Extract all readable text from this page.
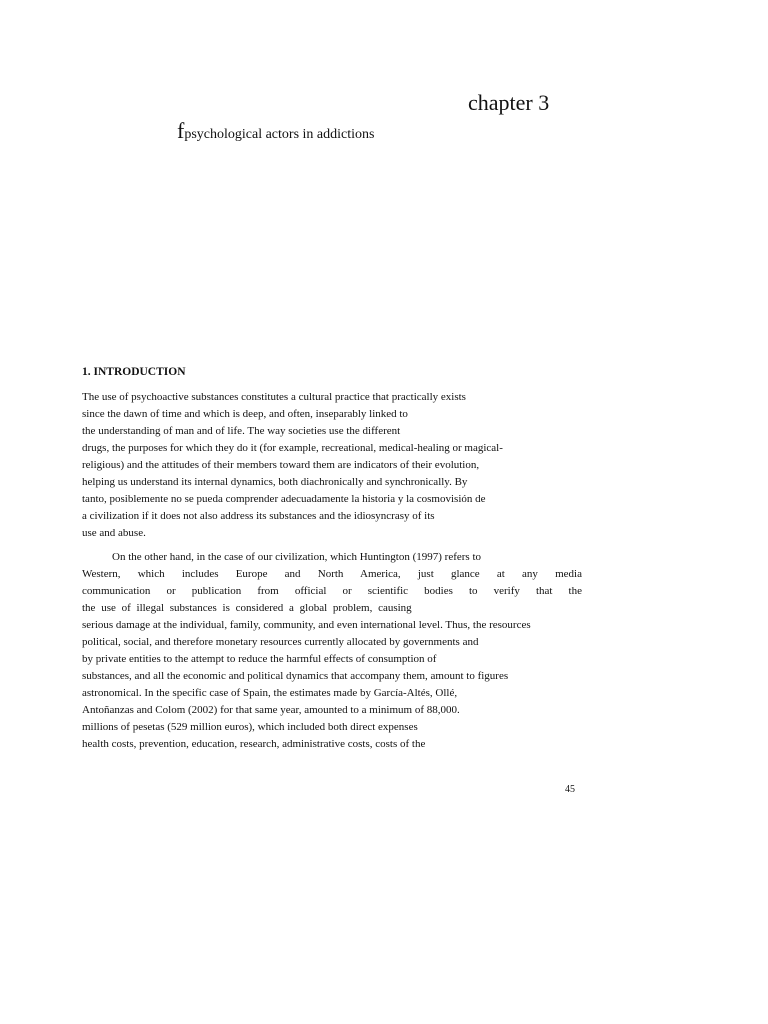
chapter 3
fpsychological actors in addictions
1. INTRODUCTION
The use of psychoactive substances constitutes a cultural practice that practically exists
since the dawn of time and which is deep, and often, inseparably linked to
the understanding of man and of life. The way societies use the different
drugs, the purposes for which they do it (for example, recreational, medical-healing or magical-
religious) and the attitudes of their members toward them are indicators of their evolution,
helping us understand its internal dynamics, both diachronically and synchronically. By
tanto, posiblemente no se pueda comprender adecuadamente la historia y la cosmovisión de
a civilization if it does not also address its substances and the idiosyncrasy of its
use and abuse.
On the other hand, in the case of our civilization, which Huntington (1997) refers to
Western, which includes Europe and North America, just glance at any media
communication or publication from official or scientific bodies to verify that the
the use of illegal substances is considered a global problem, causing
serious damage at the individual, family, community, and even international level. Thus, the resources
political, social, and therefore monetary resources currently allocated by governments and
by private entities to the attempt to reduce the harmful effects of consumption of
substances, and all the economic and political dynamics that accompany them, amount to figures
astronomical. In the specific case of Spain, the estimates made by García-Altés, Ollé,
Antoñanzas and Colom (2002) for that same year, amounted to a minimum of 88,000.
millions of pesetas (529 million euros), which included both direct expenses
health costs, prevention, education, research, administrative costs, costs of the
45
